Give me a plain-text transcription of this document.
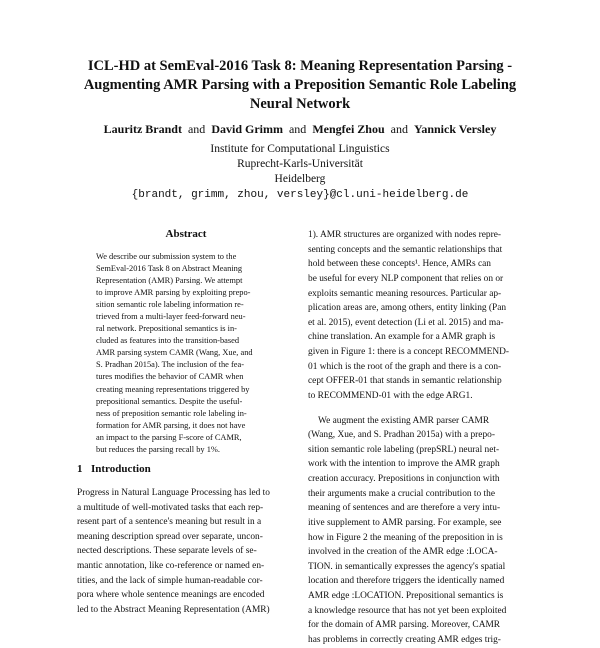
ICL-HD at SemEval-2016 Task 8: Meaning Representation Parsing -
Augmenting AMR Parsing with a Preposition Semantic Role Labeling
Neural Network
Lauritz Brandt and David Grimm and Mengfei Zhou and Yannick Versley
Institute for Computational Linguistics
Ruprecht-Karls-Universität
Heidelberg
{brandt, grimm, zhou, versley}@cl.uni-heidelberg.de
Abstract
We describe our submission system to the
SemEval-2016 Task 8 on Abstract Meaning
Representation (AMR) Parsing. We attempt
to improve AMR parsing by exploiting prepo-
sition semantic role labeling information re-
trieved from a multi-layer feed-forward neu-
ral network. Prepositional semantics is in-
cluded as features into the transition-based
AMR parsing system CAMR (Wang, Xue, and
S. Pradhan 2015a). The inclusion of the fea-
tures modifies the behavior of CAMR when
creating meaning representations triggered by
prepositional semantics. Despite the useful-
ness of preposition semantic role labeling in-
formation for AMR parsing, it does not have
an impact to the parsing F-score of CAMR,
but reduces the parsing recall by 1%.
1 Introduction
Progress in Natural Language Processing has led to
a multitude of well-motivated tasks that each rep-
resent part of a sentence's meaning but result in a
meaning description spread over separate, uncon-
nected descriptions. These separate levels of se-
mantic annotation, like co-reference or named en-
tities, and the lack of simple human-readable cor-
pora where whole sentence meanings are encoded
led to the Abstract Meaning Representation (AMR)
1). AMR structures are organized with nodes repre-
senting concepts and the semantic relationships that
hold between these concepts¹. Hence, AMRs can
be useful for every NLP component that relies on or
exploits semantic meaning resources. Particular ap-
plication areas are, among others, entity linking (Pan
et al. 2015), event detection (Li et al. 2015) and ma-
chine translation. An example for a AMR graph is
given in Figure 1: there is a concept RECOMMEND-
01 which is the root of the graph and there is a con-
cept OFFER-01 that stands in semantic relationship
to RECOMMEND-01 with the edge ARG1.
We augment the existing AMR parser CAMR
(Wang, Xue, and S. Pradhan 2015a) with a prepo-
sition semantic role labeling (prepSRL) neural net-
work with the intention to improve the AMR graph
creation accuracy. Prepositions in conjunction with
their arguments make a crucial contribution to the
meaning of sentences and are therefore a very intu-
itive supplement to AMR parsing. For example, see
how in Figure 2 the meaning of the preposition in is
involved in the creation of the AMR edge :LOCA-
TION. in semantically expresses the agency's spatial
location and therefore triggers the identically named
AMR edge :LOCATION. Prepositional semantics is
a knowledge resource that has not yet been exploited
for the domain of AMR parsing. Moreover, CAMR
has problems in correctly creating AMR edges trig-
